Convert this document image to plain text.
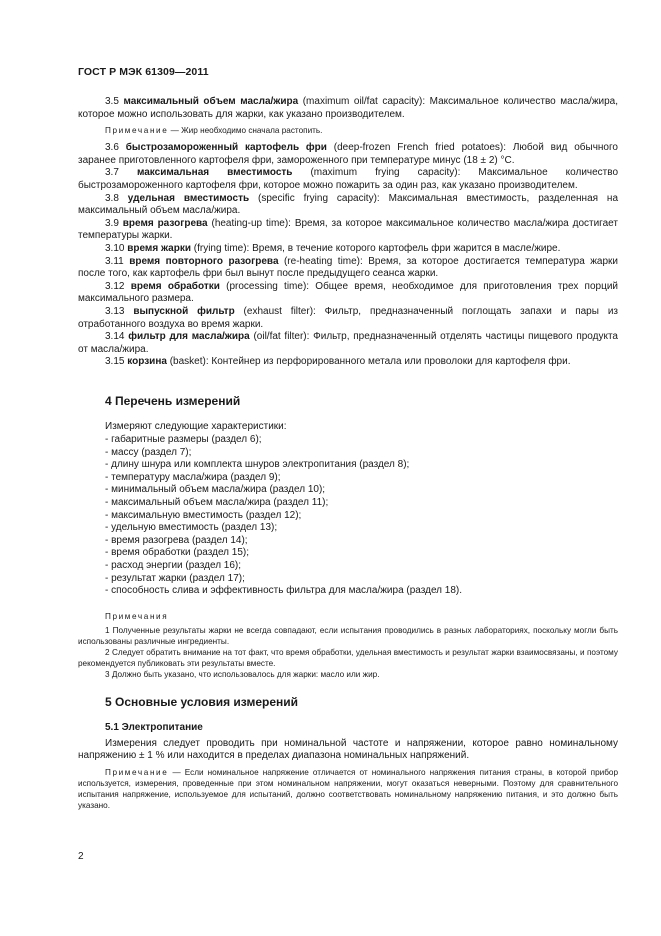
ГОСТ Р МЭК 61309—2011

3.5 максимальный объем масла/жира (maximum oil/fat capacity): Максимальное количество масла/жира, которое можно использовать для жарки, как указано производителем.

Примечание — Жир необходимо сначала растопить.

3.6 быстрозамороженный картофель фри (deep-frozen French fried potatoes): Любой вид обычного заранее приготовленного картофеля фри, замороженного при температуре минус (18 ± 2) °С.

3.7 максимальная вместимость (maximum frying capacity): Максимальное количество быстрозамороженного картофеля фри, которое можно пожарить за один раз, как указано производителем.

3.8 удельная вместимость (specific frying capacity): Максимальная вместимость, разделенная на максимальный объем масла/жира.

3.9 время разогрева (heating-up time): Время, за которое максимальное количество масла/жира достигает температуры жарки.

3.10 время жарки (frying time): Время, в течение которого картофель фри жарится в масле/жире.

3.11 время повторного разогрева (re-heating time): Время, за которое достигается температура жарки после того, как картофель фри был вынут после предыдущего сеанса жарки.

3.12 время обработки (processing time): Общее время, необходимое для приготовления трех порций максимального размера.

3.13 выпускной фильтр (exhaust filter): Фильтр, предназначенный поглощать запахи и пары из отработанного воздуха во время жарки.

3.14 фильтр для масла/жира (oil/fat filter): Фильтр, предназначенный отделять частицы пищевого продукта от масла/жира.

3.15 корзина (basket): Контейнер из перфорированного метала или проволоки для картофеля фри.

4 Перечень измерений

Измеряют следующие характеристики:

- габаритные размеры (раздел 6);
- массу (раздел 7);
- длину шнура или комплекта шнуров электропитания (раздел 8);
- температуру масла/жира (раздел 9);
- минимальный объем масла/жира (раздел 10);
- максимальный объем масла/жира (раздел 11);
- максимальную вместимость (раздел 12);
- удельную вместимость (раздел 13);
- время разогрева (раздел 14);
- время обработки (раздел 15);
- расход энергии (раздел 16);
- результат жарки (раздел 17);
- способность слива и эффективность фильтра для масла/жира (раздел 18).

Примечания

1 Полученные результаты жарки не всегда совпадают, если испытания проводились в разных лабораториях, поскольку могли быть использованы различные ингредиенты.

2 Следует обратить внимание на тот факт, что время обработки, удельная вместимость и результат жарки взаимосвязаны, и поэтому рекомендуется публиковать эти результаты вместе.

3 Должно быть указано, что использовалось для жарки: масло или жир.

5 Основные условия измерений
5.1 Электропитание

Измерения следует проводить при номинальной частоте и напряжении, которое равно номинальному напряжению ± 1 % или находится в пределах диапазона номинальных напряжений.

Примечание — Если номинальное напряжение отличается от номинального напряжения питания страны, в которой прибор используется, измерения, проведенные при этом номинальном напряжении, могут оказаться неверными. Поэтому для сравнительного испытания напряжение, используемое для испытаний, должно соответствовать номинальному напряжению питания, и это должно быть указано.

2
